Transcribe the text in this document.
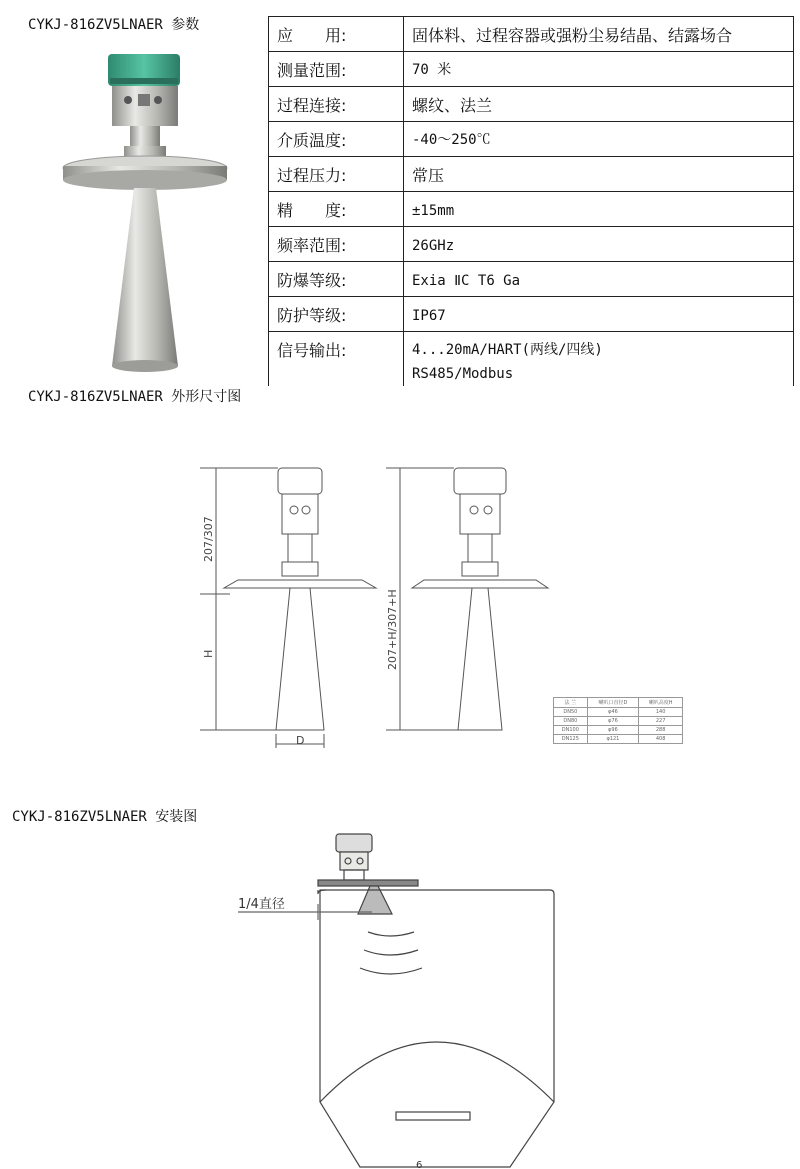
CYKJ-816ZV5LNAER 参数
CYKJ-816ZV5LNAER 外形尺寸图
CYKJ-816ZV5LNAER 安装图
应　　用:	固体料、过程容器或强粉尘易结晶、结露场合
测量范围:	70 米
过程连接:	螺纹、法兰
介质温度:	-40～250℃
过程压力:	常压
精　　度:	±15mm
频率范围:	26GHz
防爆等级:	Exia ⅡC T6 Ga
防护等级:	IP67
信号输出:	4...20mA/HART(两线/四线)
RS485/Modbus
207/307
H
D
207+H/307+H
法 兰	喇叭口直径D	喇叭高度H
DN50	φ46	140
DN80	φ76	227
DN100	φ96	288
DN125	φ121	408
1/4直径
6
